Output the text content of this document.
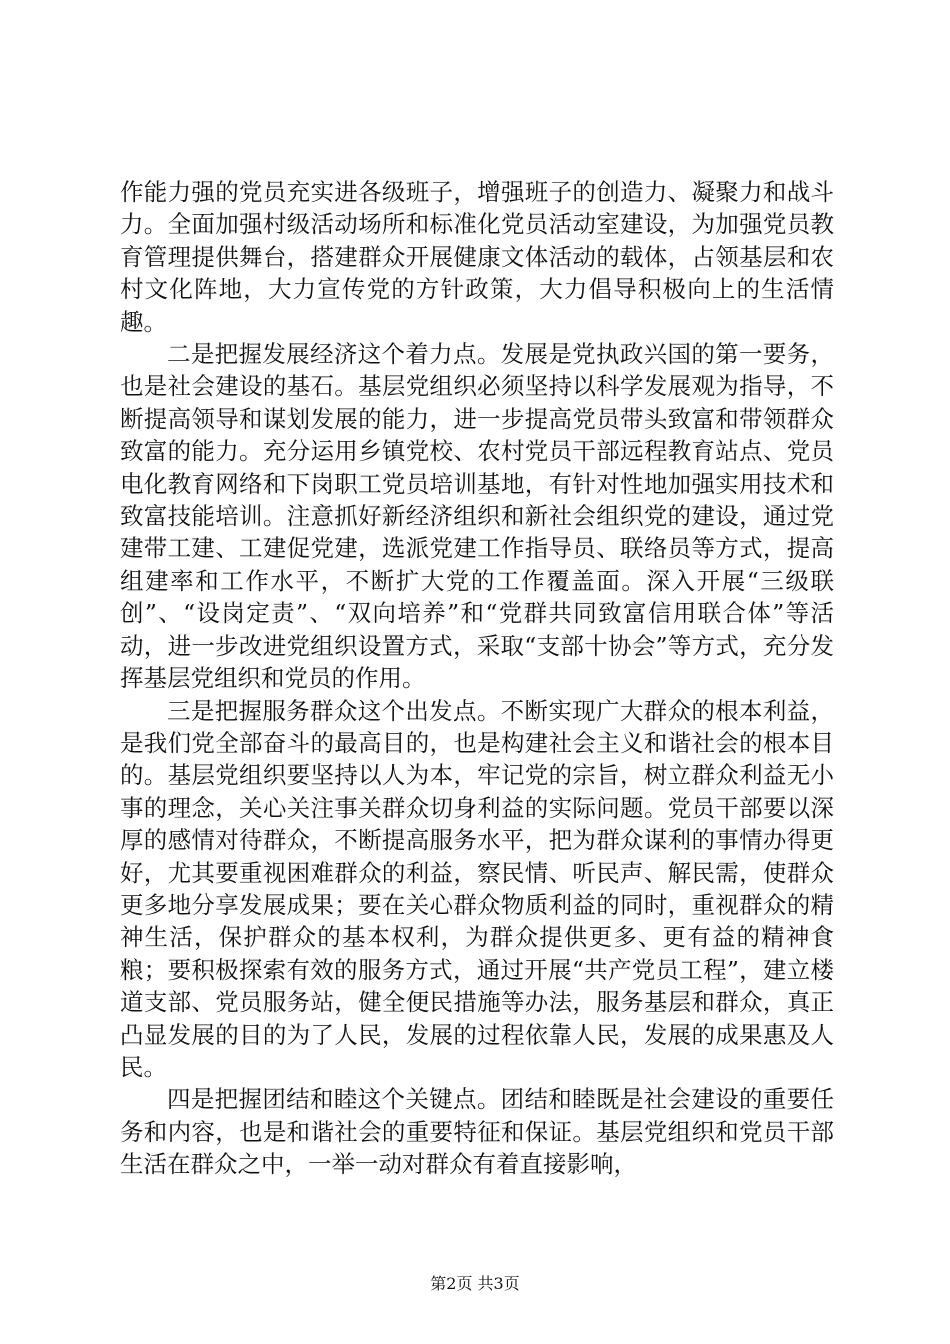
作能力强的党员充实进各级班子，增强班子的创造力、凝聚力和战斗力。全面加强村级活动场所和标准化党员活动室建设，为加强党员教育管理提供舞台，搭建群众开展健康文体活动的载体，占领基层和农村文化阵地，大力宣传党的方针政策，大力倡导积极向上的生活情趣。

二是把握发展经济这个着力点。发展是党执政兴国的第一要务，也是社会建设的基石。基层党组织必须坚持以科学发展观为指导，不断提高领导和谋划发展的能力，进一步提高党员带头致富和带领群众致富的能力。充分运用乡镇党校、农村党员干部远程教育站点、党员电化教育网络和下岗职工党员培训基地，有针对性地加强实用技术和致富技能培训。注意抓好新经济组织和新社会组织党的建设，通过党建带工建、工建促党建，选派党建工作指导员、联络员等方式，提高组建率和工作水平，不断扩大党的工作覆盖面。深入开展“三级联创”、“设岗定责”、“双向培养”和“党群共同致富信用联合体”等活动，进一步改进党组织设置方式，采取“支部十协会”等方式，充分发挥基层党组织和党员的作用。

三是把握服务群众这个出发点。不断实现广大群众的根本利益，是我们党全部奋斗的最高目的，也是构建社会主义和谐社会的根本目的。基层党组织要坚持以人为本，牢记党的宗旨，树立群众利益无小事的理念，关心关注事关群众切身利益的实际问题。党员干部要以深厚的感情对待群众，不断提高服务水平，把为群众谋利的事情办得更好，尤其要重视困难群众的利益，察民情、听民声、解民需，使群众更多地分享发展成果；要在关心群众物质利益的同时，重视群众的精神生活，保护群众的基本权利，为群众提供更多、更有益的精神食粮；要积极探索有效的服务方式，通过开展“共产党员工程”，建立楼道支部、党员服务站，健全便民措施等办法，服务基层和群众，真正凸显发展的目的为了人民，发展的过程依靠人民，发展的成果惠及人民。

四是把握团结和睦这个关键点。团结和睦既是社会建设的重要任务和内容，也是和谐社会的重要特征和保证。基层党组织和党员干部生活在群众之中，一举一动对群众有着直接影响，

第2页 共3页
